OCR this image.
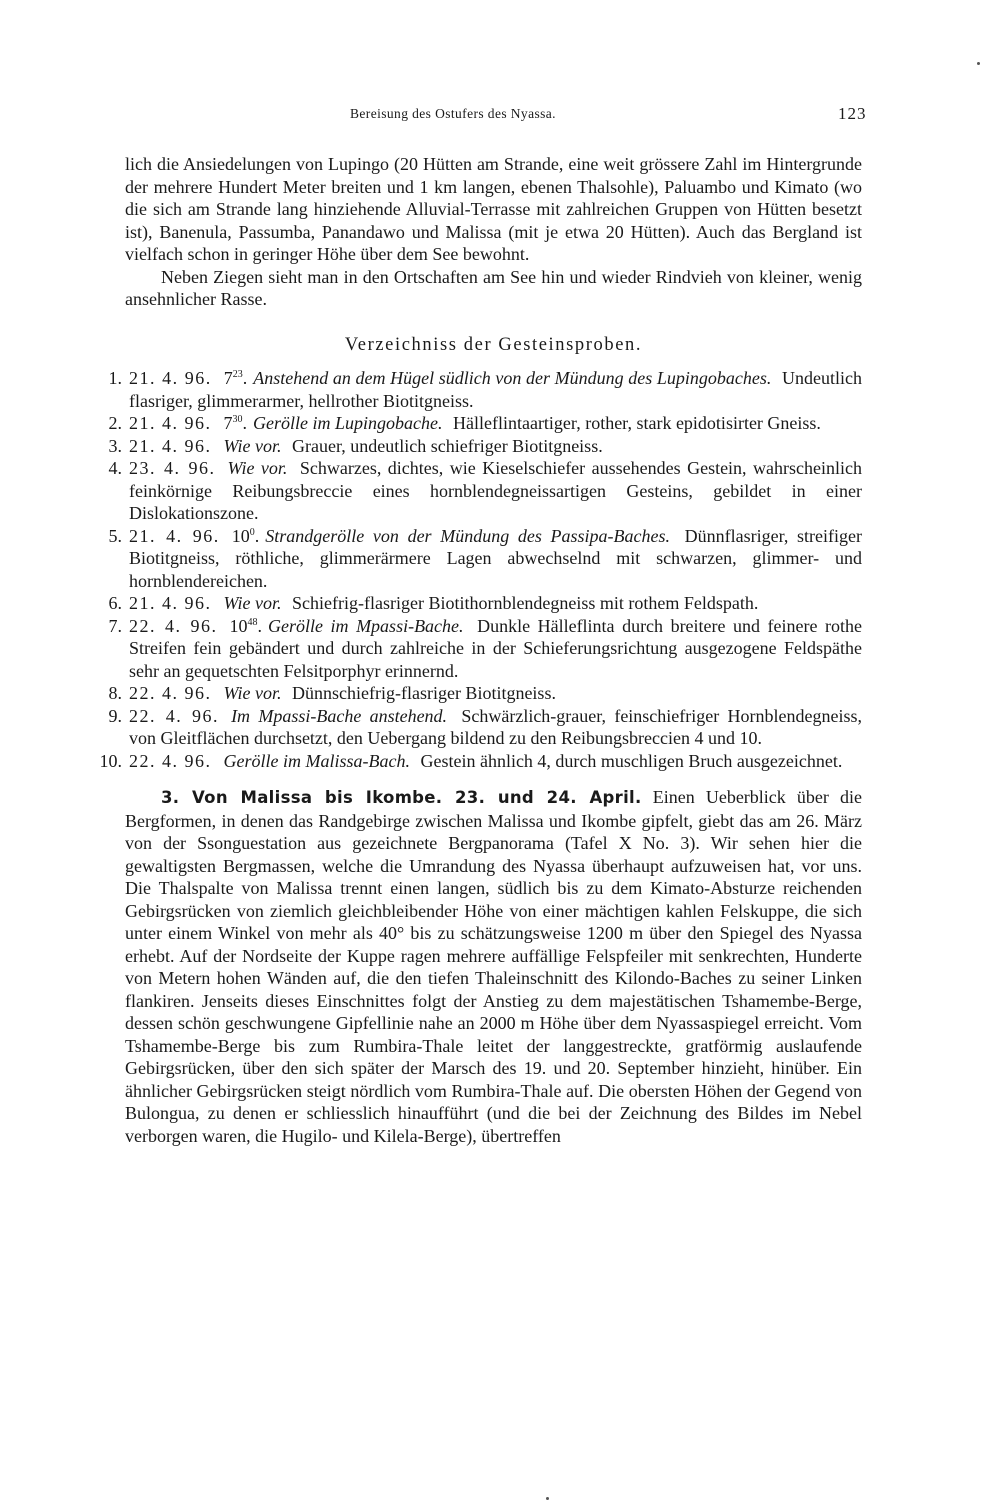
Bereisung des Ostufers des Nyassa.	123

lich die Ansiedelungen von Lupingo (20 Hütten am Strande, eine weit grössere Zahl im Hintergrunde der mehrere Hundert Meter breiten und 1 km langen, ebenen Thalsohle), Paluambo und Kimato (wo die sich am Strande lang hinziehende Alluvial-Terrasse mit zahlreichen Gruppen von Hütten besetzt ist), Banenula, Passumba, Panandawo und Malissa (mit je etwa 20 Hütten). Auch das Bergland ist vielfach schon in geringer Höhe über dem See bewohnt.

Neben Ziegen sieht man in den Ortschaften am See hin und wieder Rindvieh von kleiner, wenig ansehnlicher Rasse.

Verzeichniss der Gesteinsproben.
1. 21. 4. 96. $7^{23}$. Anstehend an dem Hügel südlich von der Mündung des Lupingobaches. Undeutlich flasriger, glimmerarmer, hellrother Biotitgneiss.
2. 21. 4. 96. $7^{30}$. Gerölle im Lupingobache. Hälleflintaartiger, rother, stark epidotisirter Gneiss.
3. 21. 4. 96. Wie vor. Grauer, undeutlich schiefriger Biotitgneiss.
4. 23. 4. 96. Wie vor. Schwarzes, dichtes, wie Kieselschiefer aussehendes Gestein, wahrscheinlich feinkörnige Reibungsbreccie eines hornblendegneissartigen Gesteins, gebildet in einer Dislokationszone.
5. 21. 4. 96. $10^0$. Strandgerölle von der Mündung des Passipa-Baches. Dünnflasriger, streifiger Biotitgneiss, röthliche, glimmerärmere Lagen abwechselnd mit schwarzen, glimmer- und hornblendereichen.
6. 21. 4. 96. Wie vor. Schiefrig-flasriger Biotithornblendegneiss mit rothem Feldspath.
7. 22. 4. 96. $10^{48}$. Gerölle im Mpassi-Bache. Dunkle Hälleflinta durch breitere und feinere rothe Streifen fein gebändert und durch zahlreiche in der Schieferungsrichtung ausgezogene Feldspäthe sehr an gequetschten Felsitporphyr erinnernd.
8. 22. 4. 96. Wie vor. Dünnschiefrig-flasriger Biotitgneiss.
9. 22. 4. 96. Im Mpassi-Bache anstehend. Schwärzlich-grauer, feinschiefriger Hornblendegneiss, von Gleitflächen durchsetzt, den Uebergang bildend zu den Reibungsbreccien 4 und 10.
10. 22. 4. 96. Gerölle im Malissa-Bach. Gestein ähnlich 4, durch muschligen Bruch ausgezeichnet.

3. Von Malissa bis Ikombe. 23. und 24. April. Einen Ueberblick über die Bergformen, in denen das Randgebirge zwischen Malissa und Ikombe gipfelt, giebt das am 26. März von der Ssonguestation aus gezeichnete Bergpanorama (Tafel X No. 3). Wir sehen hier die gewaltigsten Bergmassen, welche die Umrandung des Nyassa überhaupt aufzuweisen hat, vor uns. Die Thalspalte von Malissa trennt einen langen, südlich bis zu dem Kimato-Absturze reichenden Gebirgsrücken von ziemlich gleichbleibender Höhe von einer mächtigen kahlen Felskuppe, die sich unter einem Winkel von mehr als 40° bis zu schätzungsweise 1200 m über den Spiegel des Nyassa erhebt. Auf der Nordseite der Kuppe ragen mehrere auffällige Felspfeiler mit senkrechten, Hunderte von Metern hohen Wänden auf, die den tiefen Thaleinschnitt des Kilondo-Baches zu seiner Linken flankiren. Jenseits dieses Einschnittes folgt der Anstieg zu dem majestätischen Tshamembe-Berge, dessen schön geschwungene Gipfellinie nahe an 2000 m Höhe über dem Nyassaspiegel erreicht. Vom Tshamembe-Berge bis zum Rumbira-Thale leitet der langgestreckte, gratförmig auslaufende Gebirgsrücken, über den sich später der Marsch des 19. und 20. September hinzieht, hinüber. Ein ähnlicher Gebirgsrücken steigt nördlich vom Rumbira-Thale auf. Die obersten Höhen der Gegend von Bulongua, zu denen er schliesslich hinaufführt (und die bei der Zeichnung des Bildes im Nebel verborgen waren, die Hugilo- und Kilela-Berge), übertreffen
